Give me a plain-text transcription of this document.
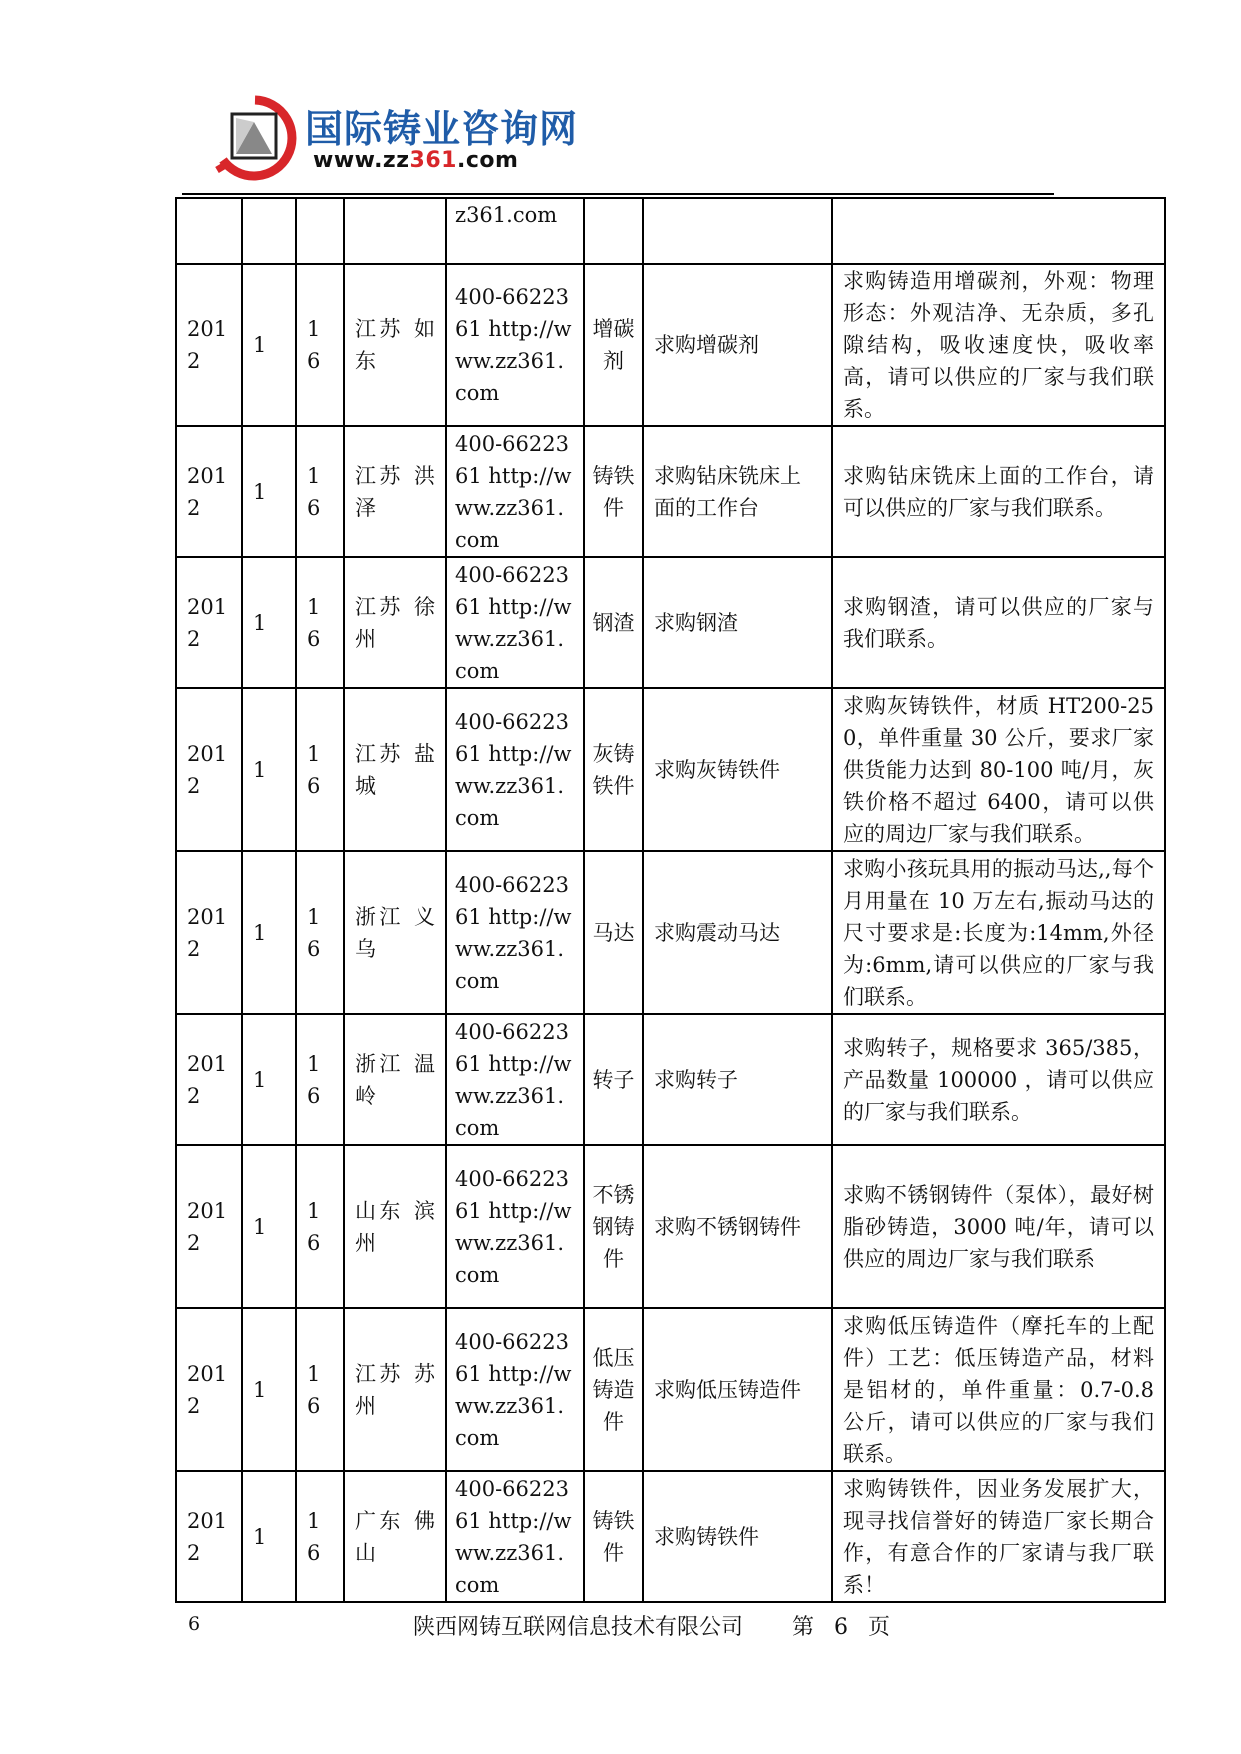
国际铸业咨询网
www.zz361.com
				z361.com			
2012	1	16	江苏 如东	400-6622361 http://www.zz361.com	增碳剂	求购增碳剂	求购铸造用增碳剂，外观：物理形态：外观洁净、无杂质，多孔隙结构，吸收速度快，吸收率高，请可以供应的厂家与我们联系。
2012	1	16	江苏 洪泽	400-6622361 http://www.zz361.com	铸铁件	求购钻床铣床上面的工作台	求购钻床铣床上面的工作台，请可以供应的厂家与我们联系。
2012	1	16	江苏 徐州	400-6622361 http://www.zz361.com	钢渣	求购钢渣	求购钢渣，请可以供应的厂家与我们联系。
2012	1	16	江苏 盐城	400-6622361 http://www.zz361.com	灰铸铁件	求购灰铸铁件	求购灰铸铁件，材质 HT200-250，单件重量 30 公斤，要求厂家供货能力达到 80-100 吨/月，灰铁价格不超过 6400，请可以供应的周边厂家与我们联系。
2012	1	16	浙江 义乌	400-6622361 http://www.zz361.com	马达	求购震动马达	求购小孩玩具用的振动马达,,每个月用量在 10 万左右,振动马达的尺寸要求是:长度为:14mm,外径为:6mm,请可以供应的厂家与我们联系。
2012	1	16	浙江 温岭	400-6622361 http://www.zz361.com	转子	求购转子	求购转子，规格要求 365/385，产品数量 100000 ，请可以供应的厂家与我们联系。
2012	1	16	山东 滨州	400-6622361 http://www.zz361.com	不锈钢铸件	求购不锈钢铸件	求购不锈钢铸件（泵体），最好树脂砂铸造，3000 吨/年，请可以供应的周边厂家与我们联系
2012	1	16	江苏 苏州	400-6622361 http://www.zz361.com	低压铸造件	求购低压铸造件	求购低压铸造件（摩托车的上配件）工艺：低压铸造产品，材料是铝材的，单件重量：0.7-0.8 公斤，请可以供应的厂家与我们联系。
2012	1	16	广东 佛山	400-6622361 http://www.zz361.com	铸铁件	求购铸铁件	求购铸铁件，因业务发展扩大，现寻找信誉好的铸造厂家长期合作，有意合作的厂家请与我厂联系！
6	陕西网铸互联网信息技术有限公司	第 6 页
